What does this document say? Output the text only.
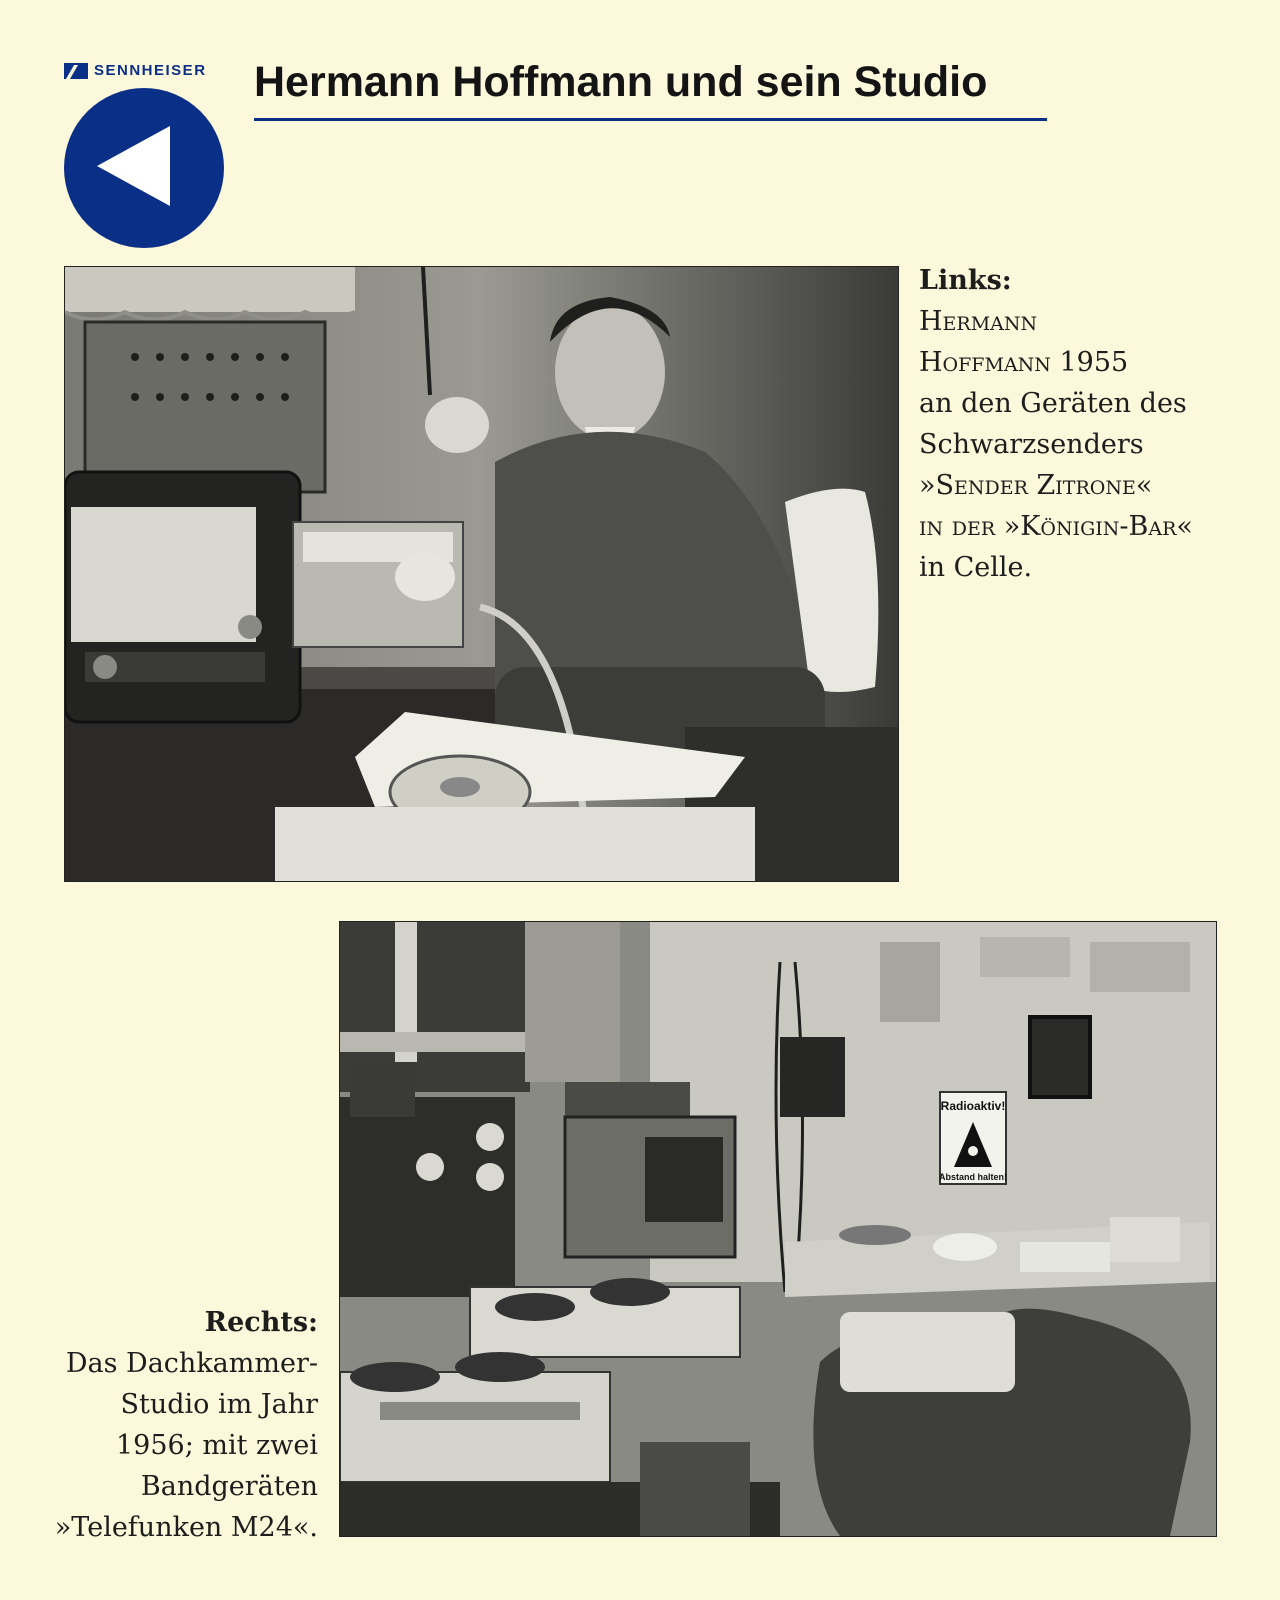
SENNHEISER Hermann Hoffmann und sein Studio
Radioaktiv!
Abstand halten!
Links:
Hermann
Hoffmann 1955
an den Geräten des
Schwarzsenders
»Sender Zitrone«
in der »Königin-Bar«
in Celle.
Rechts:
Das Dachkammer-
Studio im Jahr
1956; mit zwei
Bandgeräten
»Telefunken M24«.
